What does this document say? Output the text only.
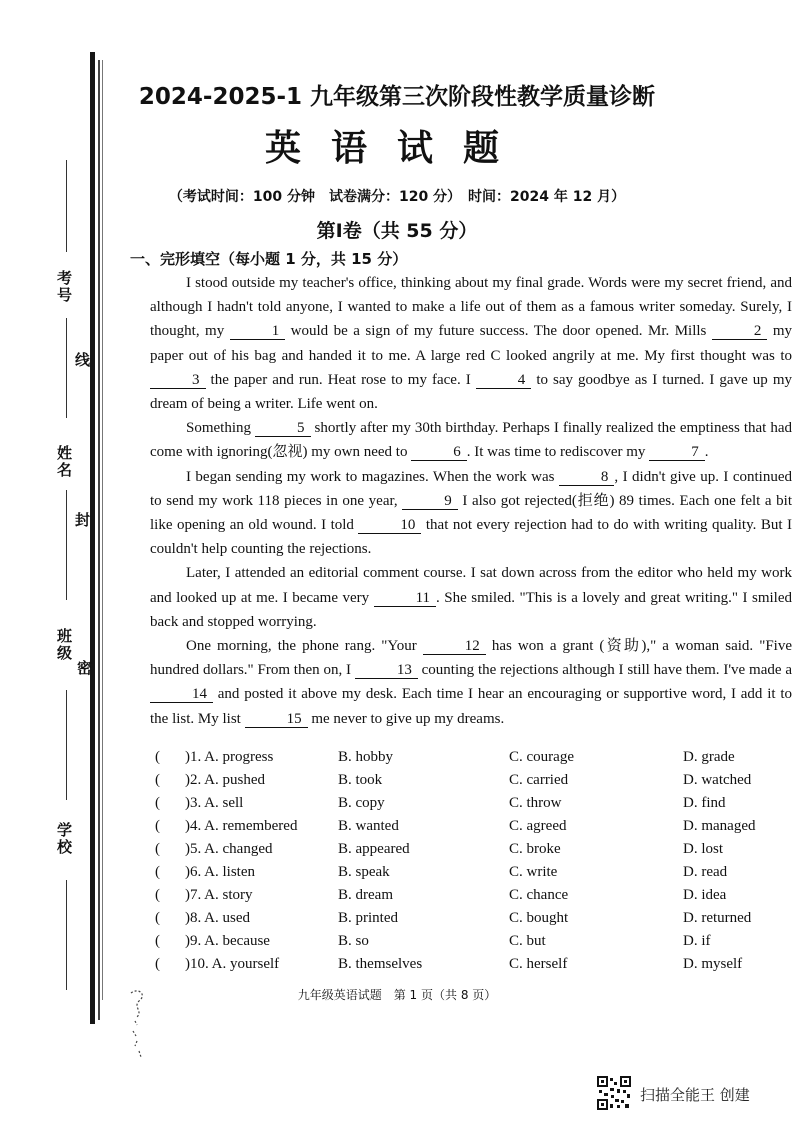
考号
线
姓名
封
班级
密
学校
2024-2025-1 九年级第三次阶段性教学质量诊断
英语试题
（考试时间：100 分钟　试卷满分：120 分）　时间：2024 年 12 月）
第Ⅰ卷（共 55 分）
一、完形填空（每小题 1 分，共 15 分）

I stood outside my teacher's office, thinking about my final grade. Words were my secret friend, and although I hadn't told anyone, I wanted to make a life out of them as a famous writer someday. Surely, I thought, my	1 would be a sign of my future success. The door opened. Mr. Mills	2 my paper out of his bag and handed it to me. A large red C looked angrily at me. My first thought was to 3 the paper and run. Heat rose to my face. I	4 to say goodbye as I turned. I gave up my dream of being a writer. Life went on.

Something	5 shortly after my 30th birthday. Perhaps I finally realized the emptiness that had come with ignoring(忽视) my own need to	6 . It was time to rediscover my	7 .

I began sending my work to magazines. When the work was	8 , I didn't give up. I continued to send my work 118 pieces in one year,	9 I also got rejected(拒绝) 89 times. Each one felt a bit like opening an old wound. I told	10 that not every rejection had to do with writing quality. But I couldn't help counting the rejections.

Later, I attended an editorial comment course. I sat down across from the editor who held my work and looked up at me. I became very	11 . She smiled. "This is a lovely and great writing." I smiled back and stopped worrying.

One morning, the phone rang. "Your	12 has won a grant (资助)," a woman said. "Five hundred dollars." From then on, I	13 counting the rejections although I still have them. I've made a 14 and posted it above my desk. Each time I hear an encouraging or supportive word, I add it to the list. My list	15 me never to give up my dreams.

( )1. A. progress	B. hobby	C. courage	D. grade
( )2. A. pushed	B. took	C. carried	D. watched
( )3. A. sell	B. copy	C. throw	D. find
( )4. A. remembered	B. wanted	C. agreed	D. managed
( )5. A. changed	B. appeared	C. broke	D. lost
( )6. A. listen	B. speak	C. write	D. read
( )7. A. story	B. dream	C. chance	D. idea
( )8. A. used	B. printed	C. bought	D. returned
( )9. A. because	B. so	C. but	D. if
( )10. A. yourself	B. themselves	C. herself	D. myself
九年级英语试题　第 1 页（共 8 页）
扫描全能王 创建
